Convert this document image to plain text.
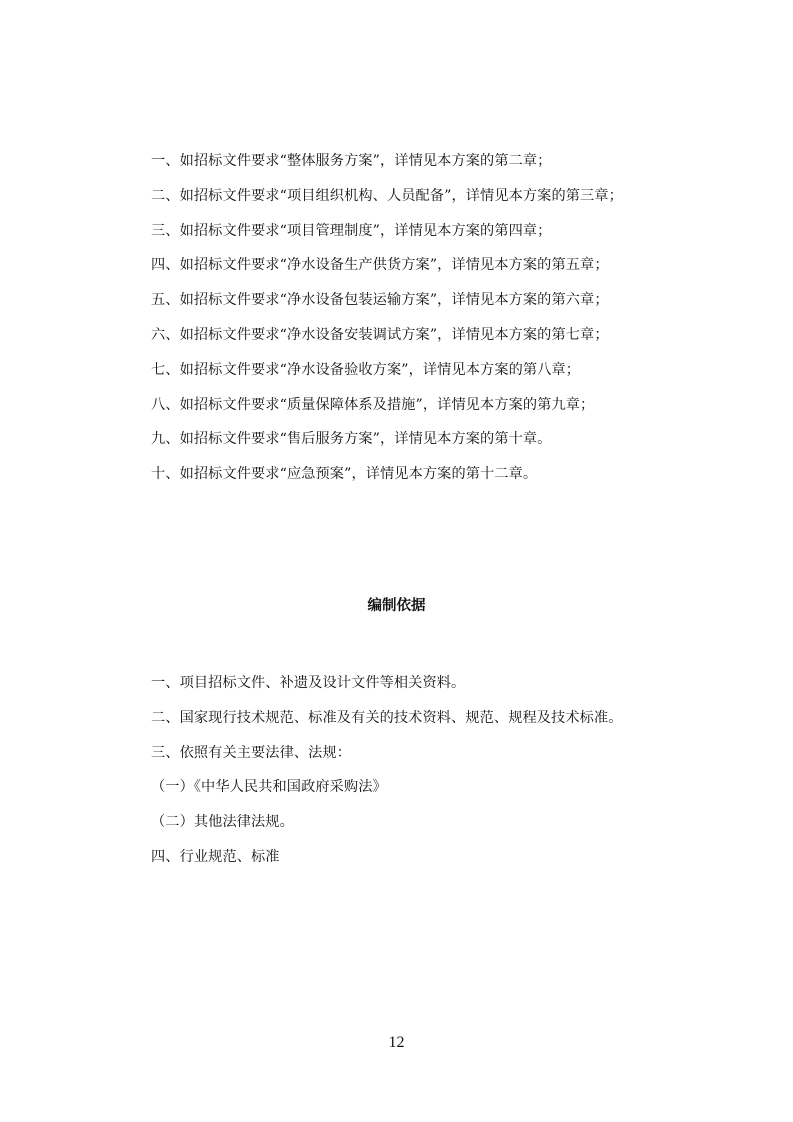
一、如招标文件要求“整体服务方案”，详情见本方案的第二章；
二、如招标文件要求“项目组织机构、人员配备”，详情见本方案的第三章；
三、如招标文件要求“项目管理制度”，详情见本方案的第四章；
四、如招标文件要求“净水设备生产供货方案”，详情见本方案的第五章；
五、如招标文件要求“净水设备包装运输方案”，详情见本方案的第六章；
六、如招标文件要求“净水设备安装调试方案”，详情见本方案的第七章；
七、如招标文件要求“净水设备验收方案”，详情见本方案的第八章；
八、如招标文件要求“质量保障体系及措施”，详情见本方案的第九章；
九、如招标文件要求“售后服务方案”，详情见本方案的第十章。
十、如招标文件要求“应急预案”，详情见本方案的第十二章。
编制依据
一、项目招标文件、补遗及设计文件等相关资料。
二、国家现行技术规范、标准及有关的技术资料、规范、规程及技术标准。
三、依照有关主要法律、法规：
（一）《中华人民共和国政府采购法》
（二）其他法律法规。
四、行业规范、标准
12
